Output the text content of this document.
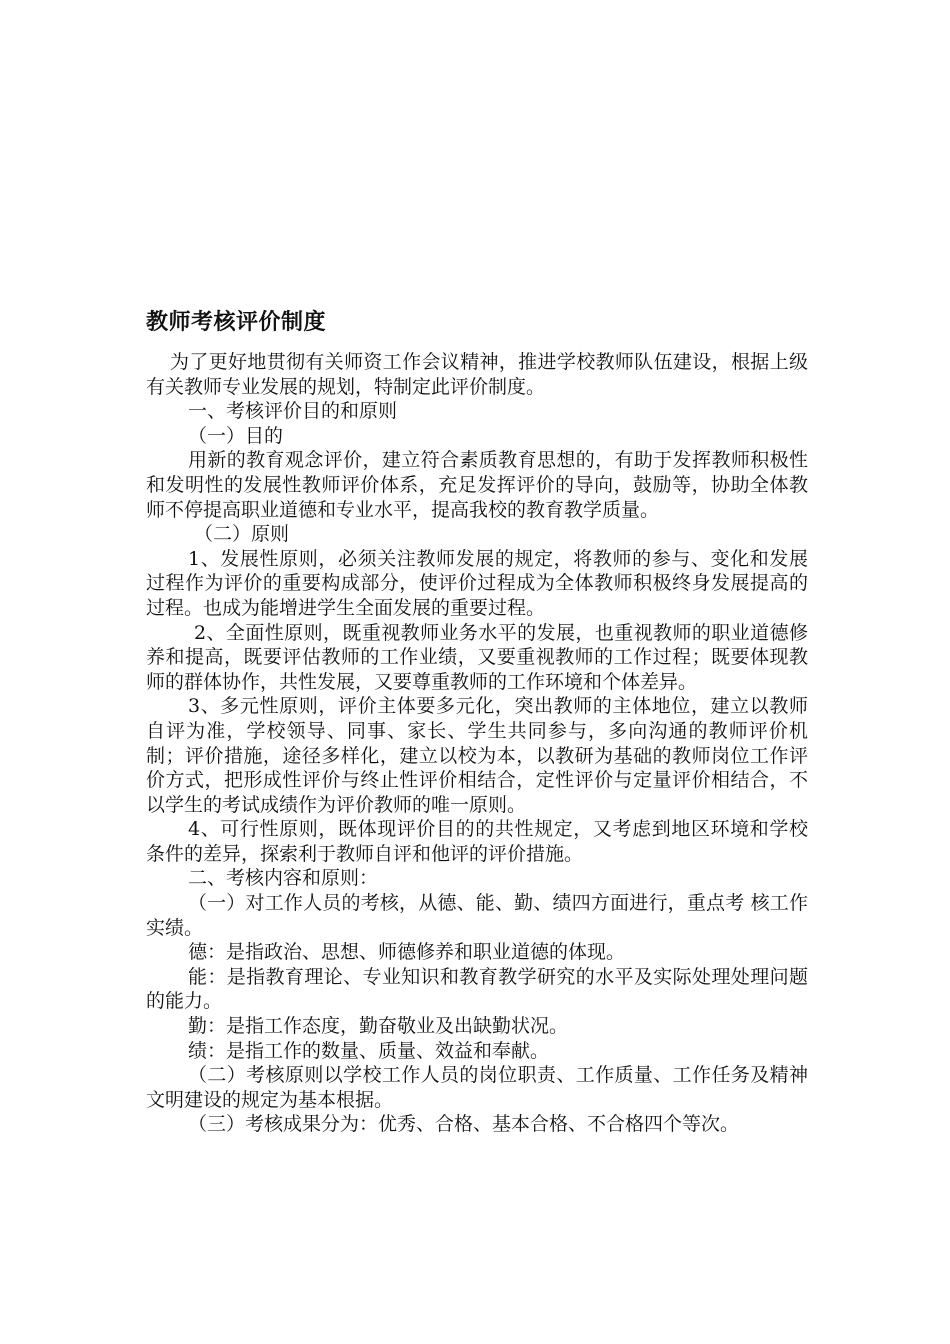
教师考核评价制度

为了更好地贯彻有关师资工作会议精神，推进学校教师队伍建设，根据上级有关教师专业发展的规划，特制定此评价制度。

一、考核评价目的和原则

（一）目的

用新的教育观念评价，建立符合素质教育思想的，有助于发挥教师积极性和发明性的发展性教师评价体系，充足发挥评价的导向，鼓励等，协助全体教师不停提高职业道德和专业水平，提高我校的教育教学质量。

（二）原则

1、发展性原则，必须关注教师发展的规定，将教师的参与、变化和发展过程作为评价的重要构成部分，使评价过程成为全体教师积极终身发展提高的过程。也成为能增进学生全面发展的重要过程。

2、全面性原则，既重视教师业务水平的发展，也重视教师的职业道德修养和提高，既要评估教师的工作业绩，又要重视教师的工作过程；既要体现教师的群体协作，共性发展，又要尊重教师的工作环境和个体差异。

3、多元性原则，评价主体要多元化，突出教师的主体地位，建立以教师自评为准，学校领导、同事、家长、学生共同参与，多向沟通的教师评价机制；评价措施，途径多样化，建立以校为本，以教研为基础的教师岗位工作评价方式，把形成性评价与终止性评价相结合，定性评价与定量评价相结合，不以学生的考试成绩作为评价教师的唯一原则。

4、可行性原则，既体现评价目的的共性规定，又考虑到地区环境和学校条件的差异，探索利于教师自评和他评的评价措施。

二、考核内容和原则：

（一）对工作人员的考核，从德、能、勤、绩四方面进行，重点考 核工作实绩。

德：是指政治、思想、师德修养和职业道德的体现。

能：是指教育理论、专业知识和教育教学研究的水平及实际处理处理问题的能力。

勤：是指工作态度，勤奋敬业及出缺勤状况。

绩：是指工作的数量、质量、效益和奉献。

（二）考核原则以学校工作人员的岗位职责、工作质量、工作任务及精神文明建设的规定为基本根据。

（三）考核成果分为：优秀、合格、基本合格、不合格四个等次。
